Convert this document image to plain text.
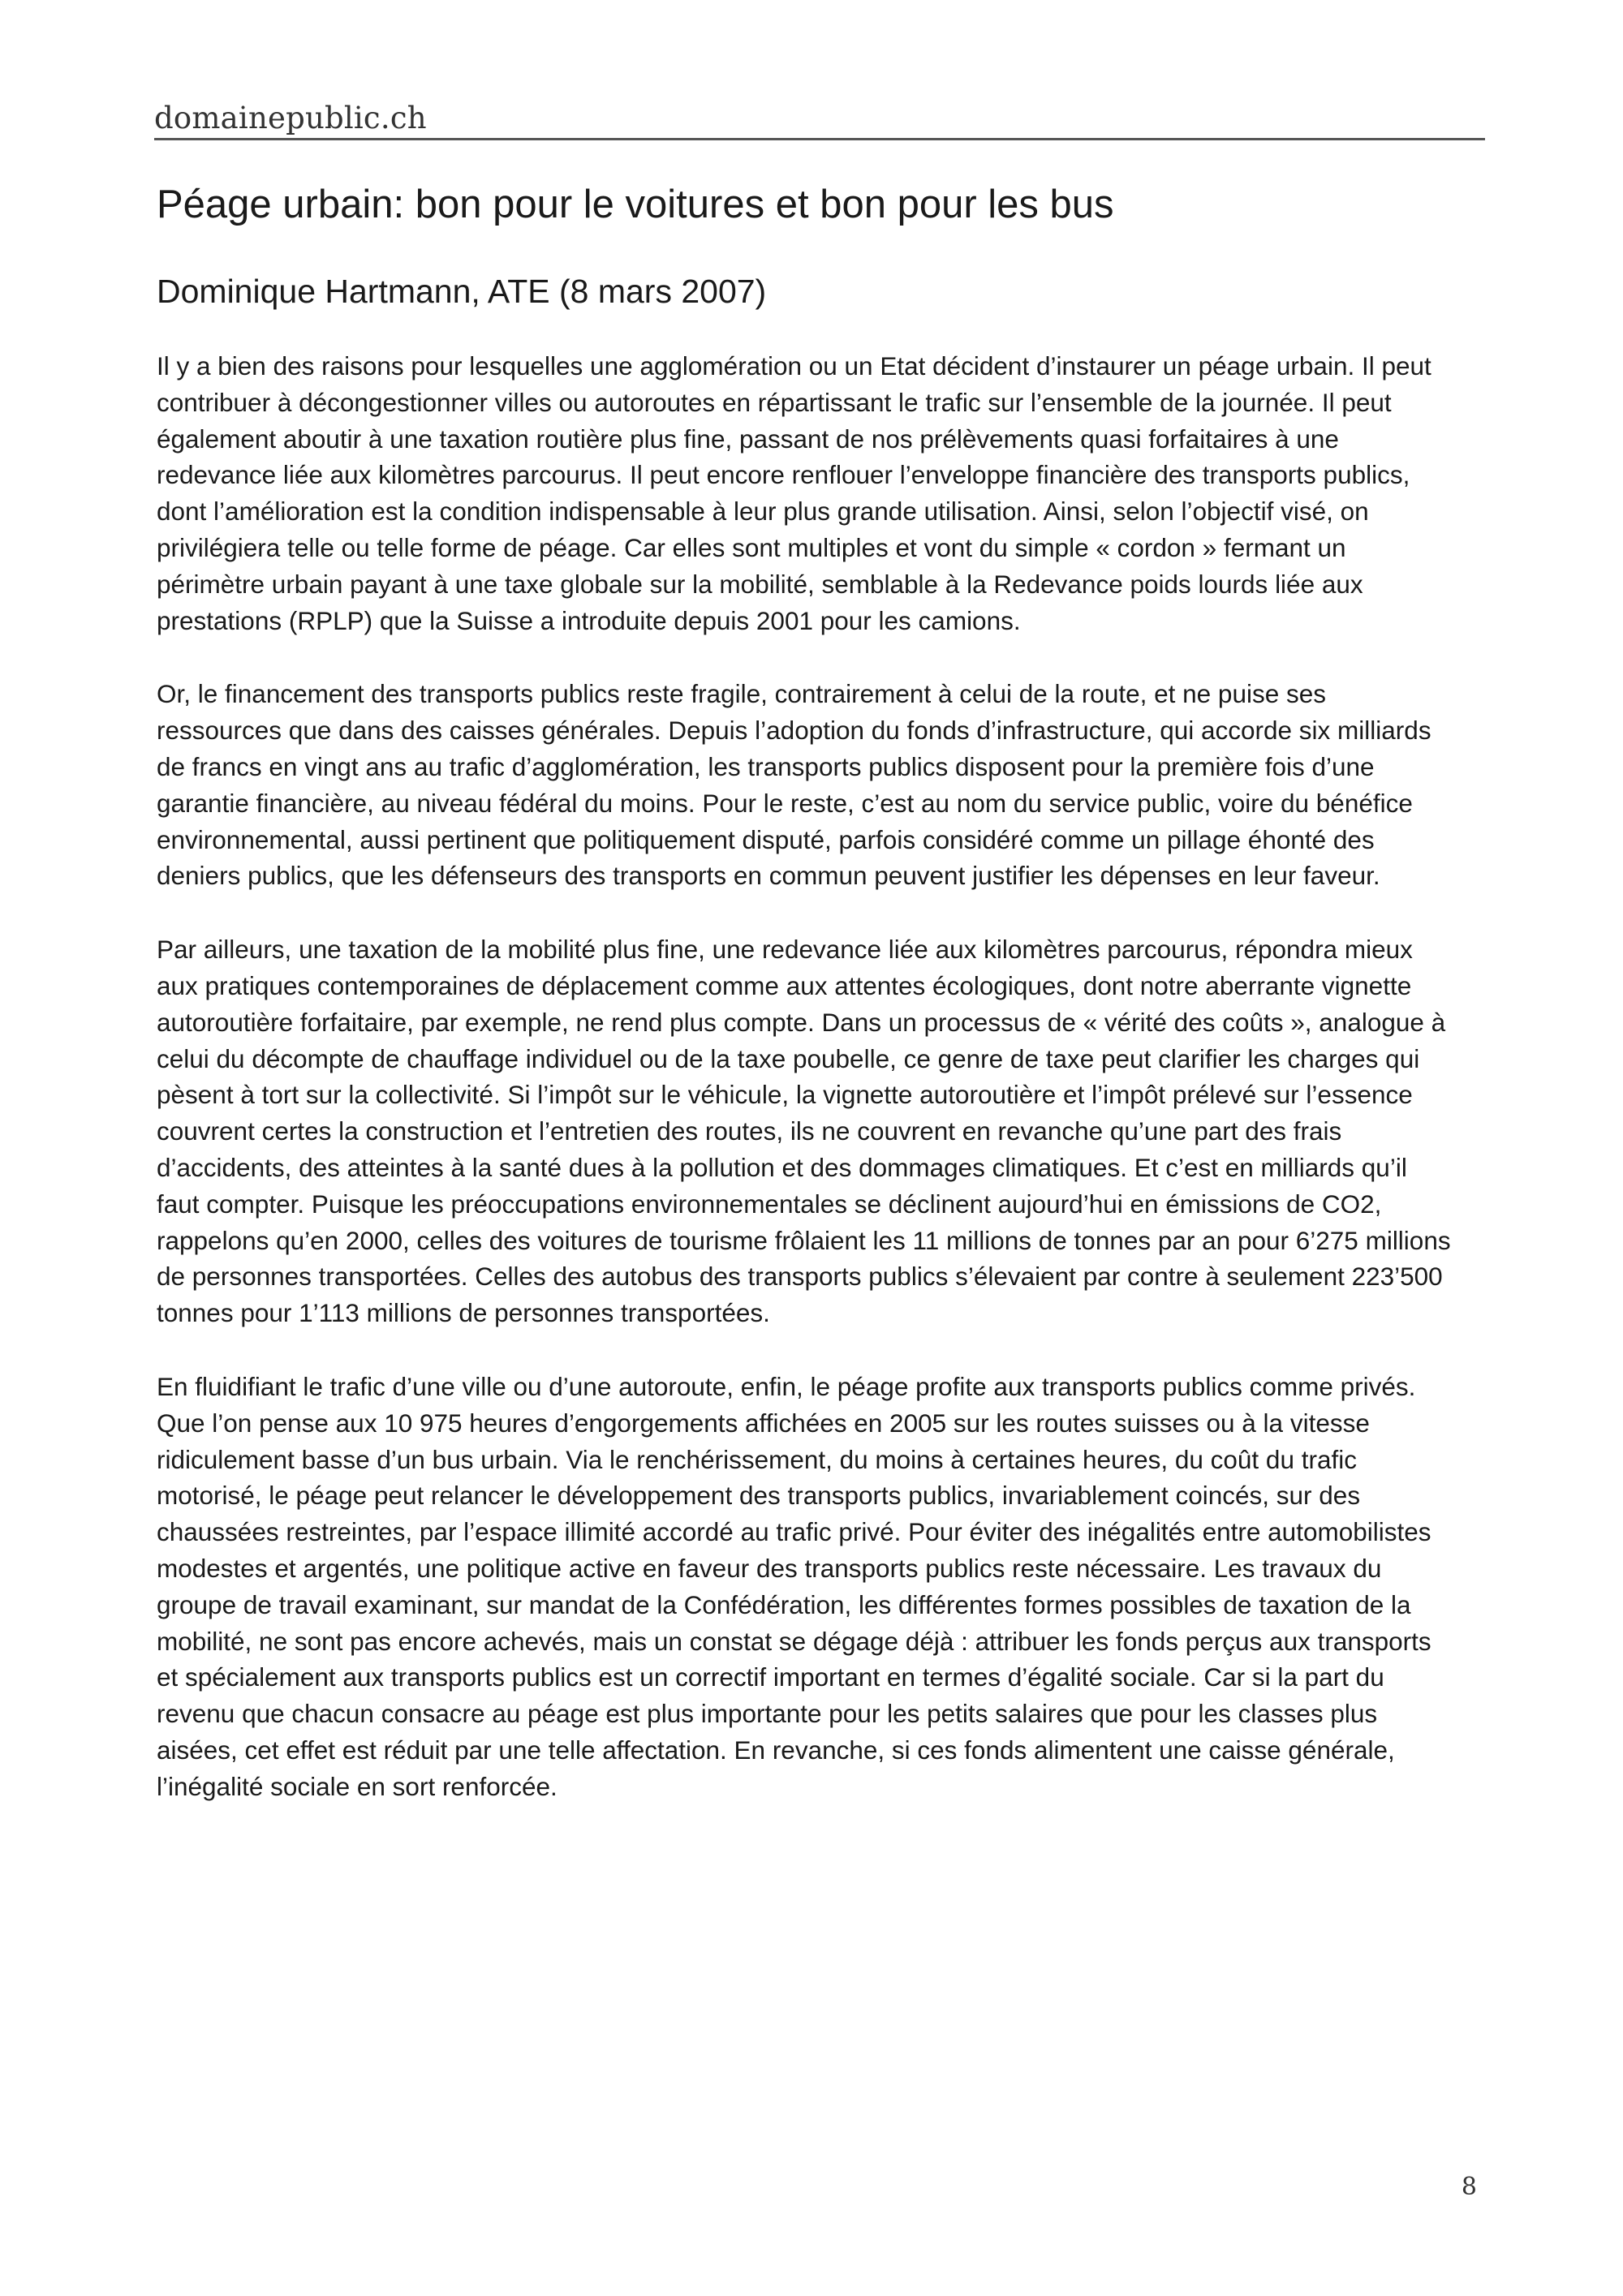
domainepublic.ch
Péage urbain: bon pour le voitures et bon pour les bus
Dominique Hartmann, ATE (8 mars 2007)

Il y a bien des raisons pour lesquelles une agglomération ou un Etat décident d’instaurer un péage urbain. Il peut contribuer à décongestionner villes ou autoroutes en répartissant le trafic sur l’ensemble de la journée. Il peut également aboutir à une taxation routière plus fine, passant de nos prélèvements quasi forfaitaires à une redevance liée aux kilomètres parcourus. Il peut encore renflouer l’enveloppe financière des transports publics, dont l’amélioration est la condition indispensable à leur plus grande utilisation. Ainsi, selon l’objectif visé, on privilégiera telle ou telle forme de péage. Car elles sont multiples et vont du simple « cordon » fermant un périmètre urbain payant à une taxe globale sur la mobilité, semblable à la Redevance poids lourds liée aux prestations (RPLP) que la Suisse a introduite depuis 2001 pour les camions.

Or, le financement des transports publics reste fragile, contrairement à celui de la route, et ne puise ses ressources que dans des caisses générales. Depuis l’adoption du fonds d’infrastructure, qui accorde six milliards de francs en vingt ans au trafic d’agglomération, les transports publics disposent pour la première fois d’une garantie financière, au niveau fédéral du moins. Pour le reste, c’est au nom du service public, voire du bénéfice environnemental, aussi pertinent que politiquement disputé, parfois considéré comme un pillage éhonté des deniers publics, que les défenseurs des transports en commun peuvent justifier les dépenses en leur faveur.

Par ailleurs, une taxation de la mobilité plus fine, une redevance liée aux kilomètres parcourus, répondra mieux aux pratiques contemporaines de déplacement comme aux attentes écologiques, dont notre aberrante vignette autoroutière forfaitaire, par exemple, ne rend plus compte. Dans un processus de « vérité des coûts », analogue à celui du décompte de chauffage individuel ou de la taxe poubelle, ce genre de taxe peut clarifier les charges qui pèsent à tort sur la collectivité. Si l’impôt sur le véhicule, la vignette autoroutière et l’impôt prélevé sur l’essence couvrent certes la construction et l’entretien des routes, ils ne couvrent en revanche qu’une part des frais d’accidents, des atteintes à la santé dues à la pollution et des dommages climatiques. Et c’est en milliards qu’il faut compter. Puisque les préoccupations environnementales se déclinent aujourd’hui en émissions de CO2, rappelons qu’en 2000, celles des voitures de tourisme frôlaient les 11 millions de tonnes par an pour 6’275 millions de personnes transportées. Celles des autobus des transports publics s’élevaient par contre à seulement 223’500 tonnes pour 1’113 millions de personnes transportées.

En fluidifiant le trafic d’une ville ou d’une autoroute, enfin, le péage profite aux transports publics comme privés. Que l’on pense aux 10 975 heures d’engorgements affichées en 2005 sur les routes suisses ou à la vitesse ridiculement basse d’un bus urbain. Via le renchérissement, du moins à certaines heures, du coût du trafic motorisé, le péage peut relancer le développement des transports publics, invariablement coincés, sur des chaussées restreintes, par l’espace illimité accordé au trafic privé. Pour éviter des inégalités entre automobilistes modestes et argentés, une politique active en faveur des transports publics reste nécessaire. Les travaux du groupe de travail examinant, sur mandat de la Confédération, les différentes formes possibles de taxation de la mobilité, ne sont pas encore achevés, mais un constat se dégage déjà : attribuer les fonds perçus aux transports et spécialement aux transports publics est un correctif important en termes d’égalité sociale. Car si la part du revenu que chacun consacre au péage est plus importante pour les petits salaires que pour les classes plus aisées, cet effet est réduit par une telle affectation. En revanche, si ces fonds alimentent une caisse générale, l’inégalité sociale en sort renforcée.

8
